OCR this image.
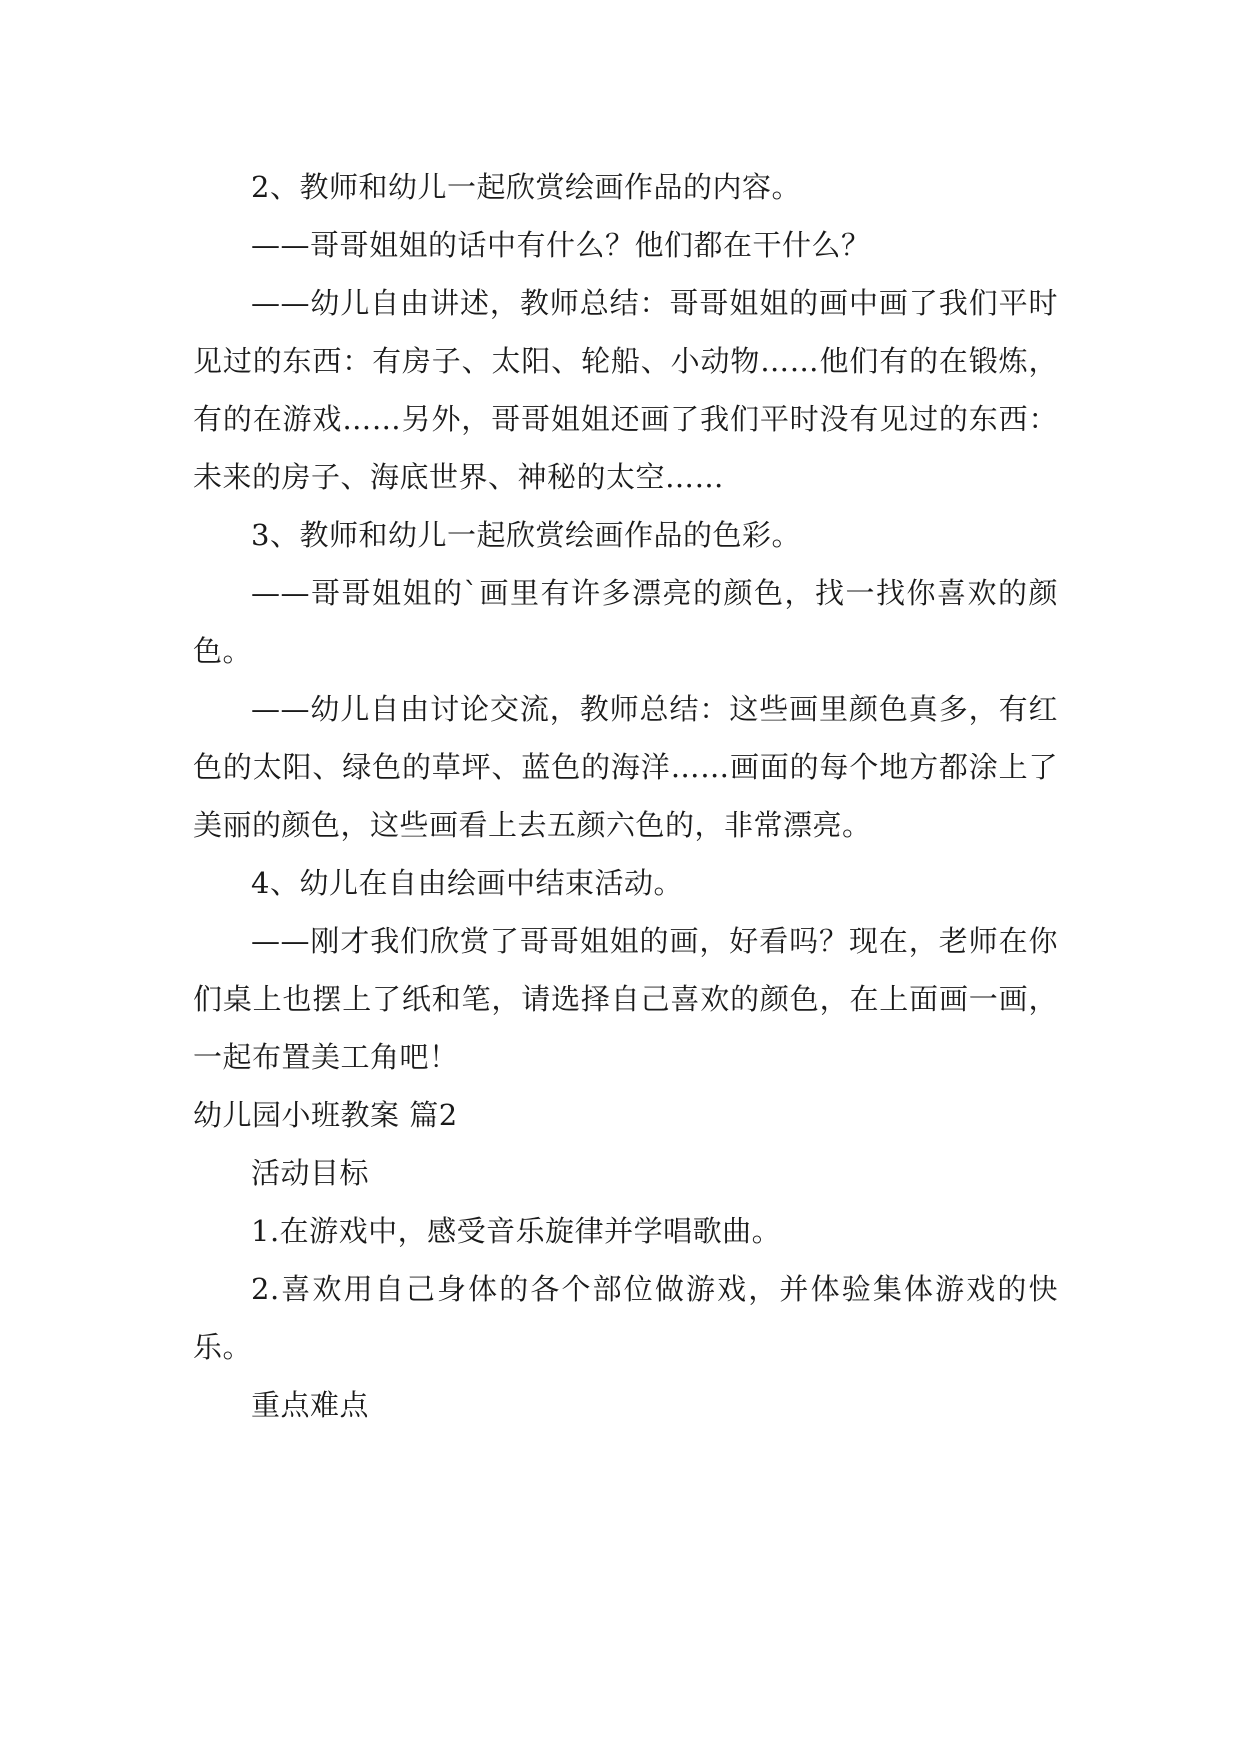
2、教师和幼儿一起欣赏绘画作品的内容。

——哥哥姐姐的话中有什么？他们都在干什么？

——幼儿自由讲述，教师总结：哥哥姐姐的画中画了我们平时见过的东西：有房子、太阳、轮船、小动物……他们有的在锻炼，有的在游戏……另外，哥哥姐姐还画了我们平时没有见过的东西：未来的房子、海底世界、神秘的太空……

3、教师和幼儿一起欣赏绘画作品的色彩。

——哥哥姐姐的`画里有许多漂亮的颜色，找一找你喜欢的颜色。

——幼儿自由讨论交流，教师总结：这些画里颜色真多，有红色的太阳、绿色的草坪、蓝色的海洋……画面的每个地方都涂上了美丽的颜色，这些画看上去五颜六色的，非常漂亮。

4、幼儿在自由绘画中结束活动。

——刚才我们欣赏了哥哥姐姐的画，好看吗？现在，老师在你们桌上也摆上了纸和笔，请选择自己喜欢的颜色，在上面画一画，一起布置美工角吧！

幼儿园小班教案 篇2

活动目标

1.在游戏中，感受音乐旋律并学唱歌曲。

2.喜欢用自己身体的各个部位做游戏，并体验集体游戏的快乐。

重点难点
